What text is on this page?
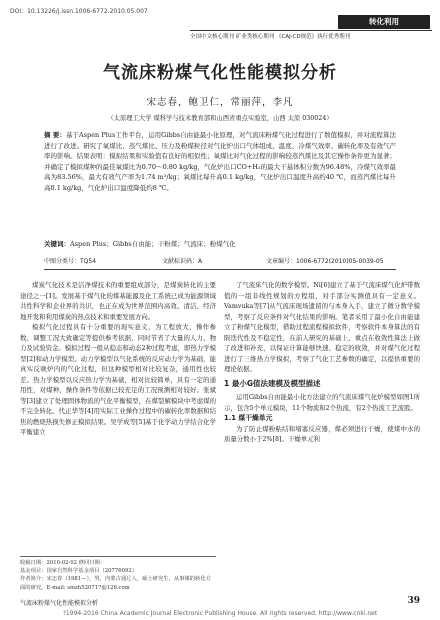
DOI：10.13226/j.issn.1006-6772.2010.05.007
转化利用
全国中文核心期刊 矿业类核心期刊 《CAJ-CD规范》执行优秀期刊
气流床粉煤气化性能模拟分析
宋志春，鲍卫仁，常丽萍，李凡
（太原理工大学 煤科学与技术教育部和山西省重点实验室，山西 太原 030024）
摘 要：基于Aspen Plus工作平台，运用Gibbs自由能最小化原理，对气流床粉煤气化过程进行了数值模拟，并对流程算法进行了改进。研究了氧煤比、蒸气煤比、压力及粉煤粒径对气化炉出口气体组成、温度、冷煤气效率、碳转化率及有效气产率的影响。结果表明：模拟结果和实验值有良好的相似性；氧煤比对气化过程的影响较蒸汽煤比及其它操作条件更为显著；并确定了模拟煤种的最佳氧煤比为0.70～0.80 kg/kg，气化炉出口CO+H₂的最大干基体积分数为96.48%，冷煤气效率最高为83.56%，最大有效气产率为1.74 m³/kg；氧煤比每升高0.1 kg/kg，气化炉出口温度升高约40 ℃，而蒸汽煤比每升高0.1 kg/kg，气化炉出口温度降低约8 ℃。
关键词：Aspen Plus；Gibbs自由能；干粉煤；气流床；粉煤气化
中图分类号：TQ54	文献标识码：A	文章编号：1006-6772(2010)05-0039-05

煤炭气化技术是洁净煤技术的重要组成部分，是煤炭转化的主要途径之一[1]。发展基于煤气化的煤基能源及化工系统已成为能源领域共性科学和企业界的共识，也正在成为世界范围内高效、清洁、经济地开发和利用煤炭的热点技术和重要发展方向。

模拟气化过程具有十分重要的现实意义，为工程放大、操作参数、调整工况大致确定等提供参考依据，同时节省了大量的人力、物力及试验资金。模拟过程一般从稳态和动态2种过程考虑，即热力学模型[2]和动力学模型。动力学模型以气化系统的反应动力学为基础，能真实反映炉内的气化过程，但这种模型相对比较复杂，通用性也较差。热力学模型以反应热力学为基础，相对比较简单，具有一定的通用性，对煤种、操作条件等依据已较充足的工况预测相对较好。张斌等[3]建立了处理固体物流的气化平衡模型，在煤裂解模块中考虑煤的不完全转化。代正华等[4]用实际工业操作过程中的碳转化率数据和结焦的燃烧热损失修正模拟结果。吴学成等[5]基于化学动力学结合化学平衡建立

了气流床气化的数学模型。Ni[6]建立了基于气流床煤气化炉带数值的一组非线性规划的方程组，对手部分实测值具有一定意义。Vamvuka等[7]从气流床现场遗留的与本身入手，建立了微分数学模型，考察了反应条件对气化结果的影响。笔者采用了最小化自由能建立了粉煤气化模型，借助过程流程模拟软件，考察软件本身算法的有限迭代性及不稳定性，在前人研究的基础上，重点在收敛性算法上做了改进和补充，以保证计算能够快速、稳定的收敛，并对煤气化过程进行了三维热力学模拟，考察了气化工艺参数的确定，以提供重要的理论依据。

1 最小G值法建模及模型描述

运用Gibbs自由能最小化方法建立的气流床煤气化炉模型如图1所示，包含5个单元模块，11个物流和2个热流，有2个热流工艺流股。

1.1 煤干燥单元

为了防止煤粉粘结和堵塞反应器，煤必须进行干燥，使煤中水的质量分数小于2%[8]。干燥单元利

收稿日期：2010-02-02 修回日期：
基金项目：国家自然科学基金项目（20776092）
作者简介：宋志春（1981—），男，内蒙古通辽人，硕士研究生，从事煤的转化方面的研究。E-mail: smzh520717@126.com
气流床粉煤气化性能模拟分析	39
?1994-2016 China Academic Journal Electronic Publishing House. All rights reserved. http://www.cnki.net
